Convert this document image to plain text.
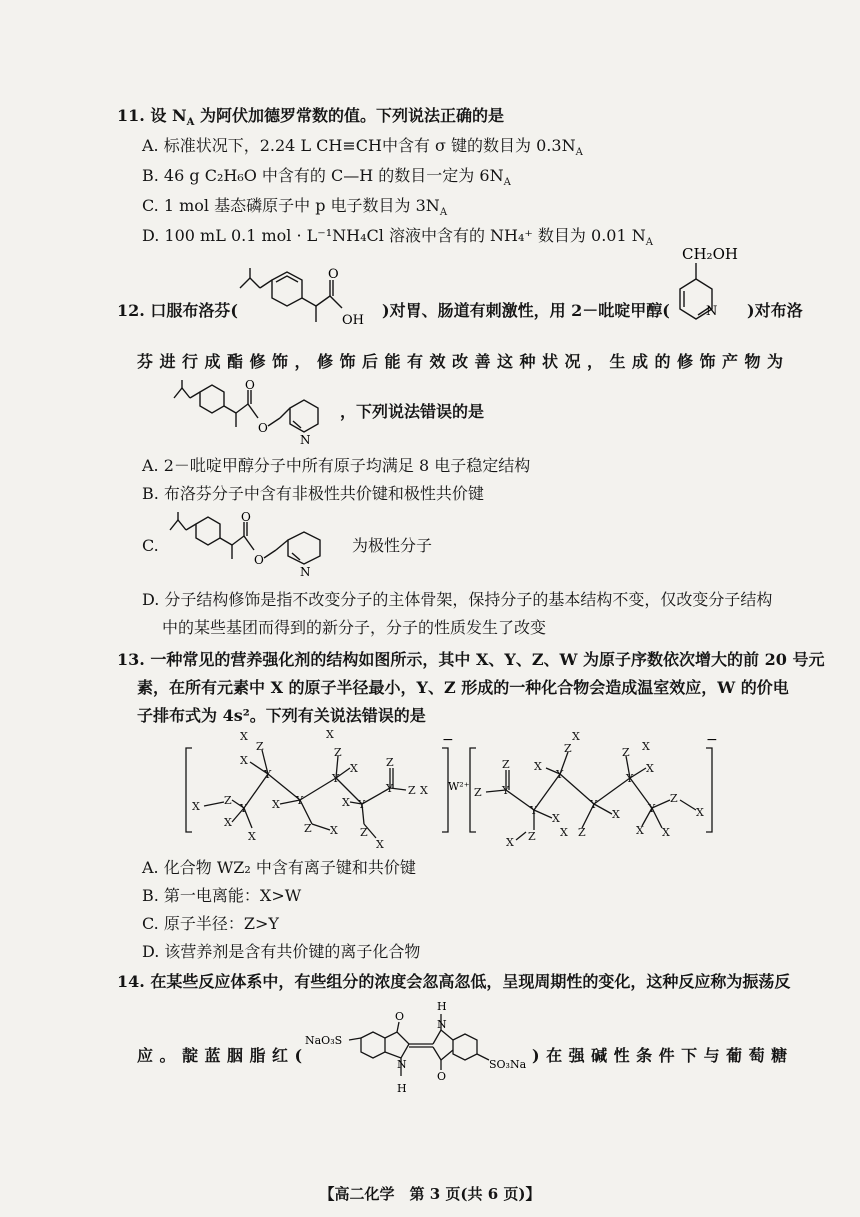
11. 设 $N_A$ 为阿伏加德罗常数的值。下列说法正确的是
A. 标准状况下，2.24 L CH≡CH中含有 σ 键的数目为 $0.3N_A$
B. 46 g C₂H₆O 中含有的 C—H 的数目一定为 $6N_A$
C. 1 mol 基态磷原子中 p 电子数目为 $3N_A$
D. 100 mL 0.1 mol · L⁻¹NH₄Cl 溶液中含有的 NH₄⁺ 数目为 0.01 $N_A$
12. 口服布洛芬(
O
OH
)对胃、肠道有刺激性，用 2－吡啶甲醇(
CH₂OH
N )对布洛
芬进行成酯修饰，修饰后能有效改善这种状况，生成的修饰产物为
O
O
N
，下列说法错误的是
A. 2－吡啶甲醇分子中所有原子均满足 8 电子稳定结构
B. 布洛芬分子中含有非极性共价键和极性共价键
C.
O
O
N
为极性分子
D. 分子结构修饰是指不改变分子的主体骨架，保持分子的基本结构不变，仅改变分子结构
中的某些基团而得到的新分子，分子的性质发生了改变
13. 一种常见的营养强化剂的结构如图所示，其中 X、Y、Z、W 为原子序数依次增大的前 20 号元
素，在所有元素中 X 的原子半径最小，Y、Z 形成的一种化合物会造成温室效应，W 的价电
子排布式为 4s²。下列有关说法错误的是
X Z
Y
X
X
Y
X
Z
X
Y
X
Z X
Y
X
Z
X
Y
X
Z
X
Y
Z
Z X	Z Y
Z
Y
X
Z
X
Y
X
Z
X
Y
Z
X
X
Y
X
Z X
Y
Z
X
X X
−	−
W²⁺
A. 化合物 WZ₂ 中含有离子键和共价键
B. 第一电离能：X>W
C. 原子半径：Z>Y
D. 该营养剂是含有共价键的离子化合物
14. 在某些反应体系中，有些组分的浓度会忽高忽低，呈现周期性的变化，这种反应称为振荡反
应。靛蓝胭脂红(
NaO₃S
SO₃Na
O
O
H
H
N
N	)在强碱性条件下与葡萄糖
【高二化学　第 3 页(共 6 页)】
